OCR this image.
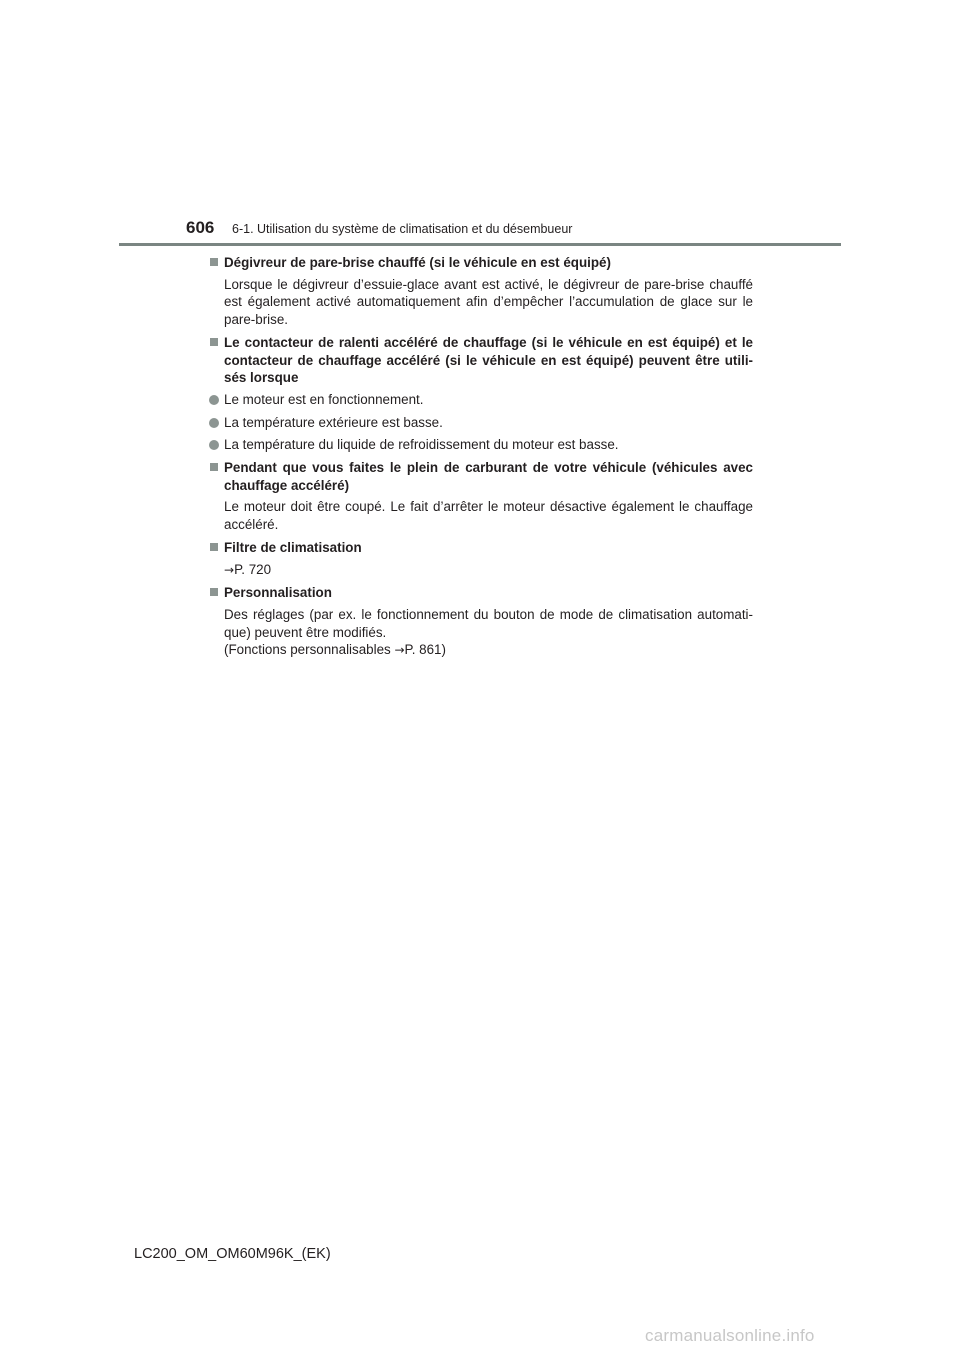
606 6-1. Utilisation du système de climatisation et du désembueur
Dégivreur de pare-brise chauffé (si le véhicule en est équipé)
Lorsque le dégivreur d’essuie-glace avant est activé, le dégivreur de pare-brise chauffé est également activé automatiquement afin d’empêcher l’accumulation de glace sur le pare-brise.
Le contacteur de ralenti accéléré de chauffage (si le véhicule en est équipé) et le contacteur de chauffage accéléré (si le véhicule en est équipé) peuvent être utili-sés lorsque
Le moteur est en fonctionnement.
La température extérieure est basse.
La température du liquide de refroidissement du moteur est basse.
Pendant que vous faites le plein de carburant de votre véhicule (véhicules avec chauffage accéléré)
Le moteur doit être coupé. Le fait d’arrêter le moteur désactive également le chauffage accéléré.
Filtre de climatisation
→P. 720
Personnalisation
Des réglages (par ex. le fonctionnement du bouton de mode de climatisation automati-que) peuvent être modifiés.
(Fonctions personnalisables →P. 861)
LC200_OM_OM60M96K_(EK)
carmanualsonline.info
